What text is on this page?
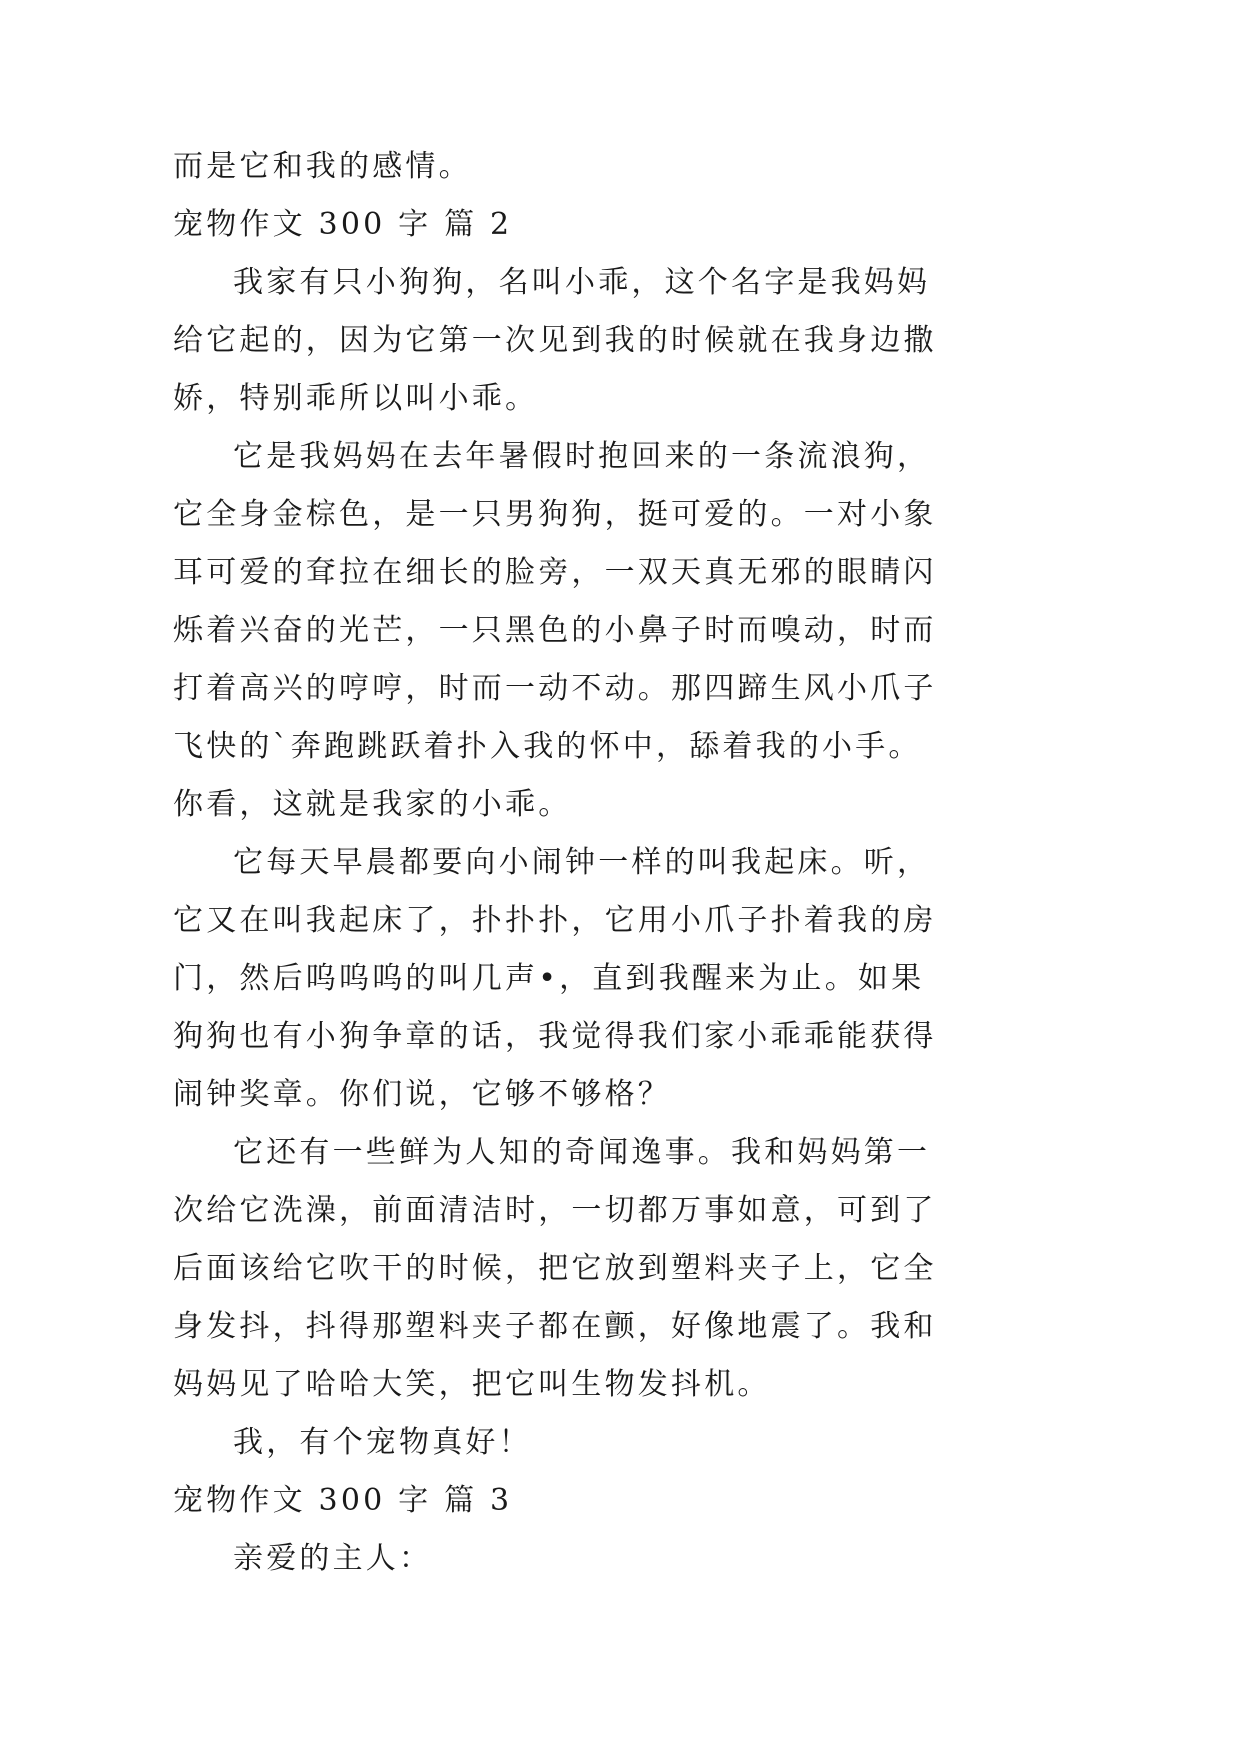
而是它和我的感情。

宠物作文 300 字 篇 2

我家有只小狗狗，名叫小乖，这个名字是我妈妈给它起的，因为它第一次见到我的时候就在我身边撒娇，特别乖所以叫小乖。

它是我妈妈在去年暑假时抱回来的一条流浪狗，它全身金棕色，是一只男狗狗，挺可爱的。一对小象耳可爱的耷拉在细长的脸旁，一双天真无邪的眼睛闪烁着兴奋的光芒，一只黑色的小鼻子时而嗅动，时而打着高兴的哼哼，时而一动不动。那四蹄生风小爪子飞快的`奔跑跳跃着扑入我的怀中，舔着我的小手。你看，这就是我家的小乖。

它每天早晨都要向小闹钟一样的叫我起床。听，它又在叫我起床了，扑扑扑，它用小爪子扑着我的房门，然后呜呜呜的叫几声•，直到我醒来为止。如果狗狗也有小狗争章的话，我觉得我们家小乖乖能获得闹钟奖章。你们说，它够不够格？

它还有一些鲜为人知的奇闻逸事。我和妈妈第一次给它洗澡，前面清洁时，一切都万事如意，可到了后面该给它吹干的时候，把它放到塑料夹子上，它全身发抖，抖得那塑料夹子都在颤，好像地震了。我和妈妈见了哈哈大笑，把它叫生物发抖机。

我，有个宠物真好！

宠物作文 300 字 篇 3

亲爱的主人：
